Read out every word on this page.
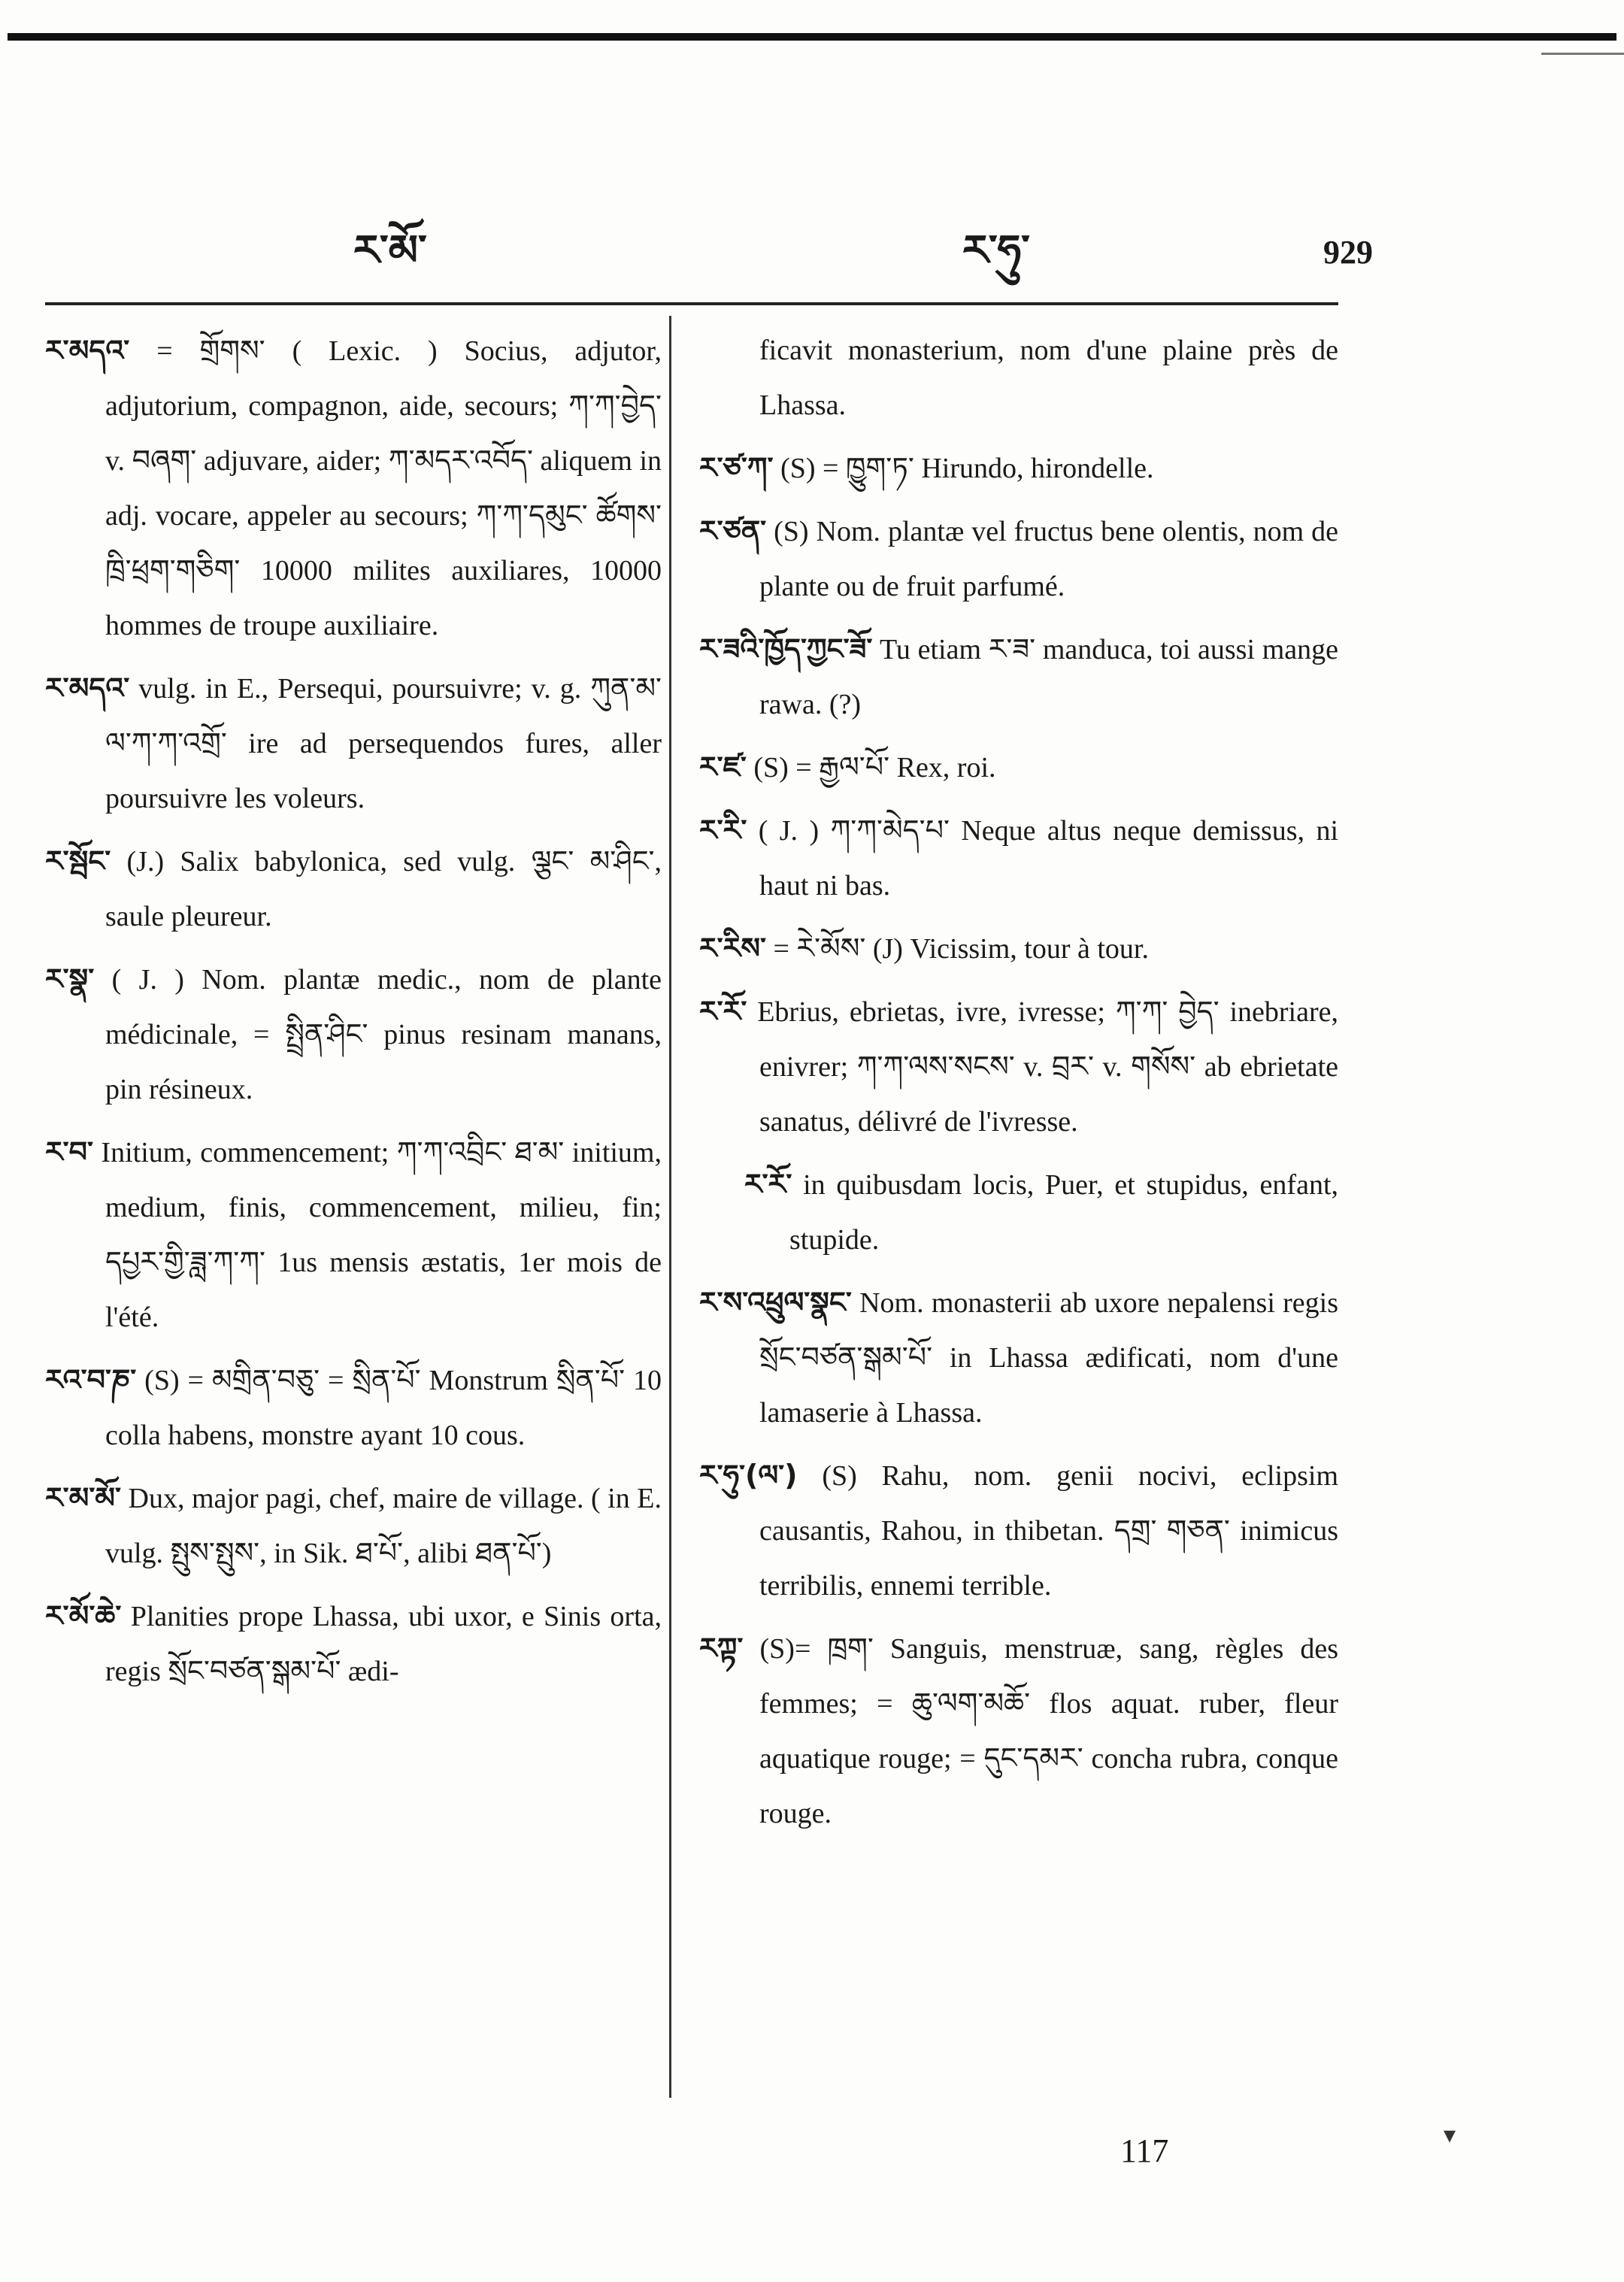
ར་མོ་	ར་ཧུ་	929

ར་མདའ་ = གྲོགས་ ( Lexic. ) Socius, adjutor, adjutorium, compagnon, aide, secours; ཀ་ཀ་བྱེད་ v. བཞག་ adjuvare, aider; ཀ་མདར་འབོད་ aliquem in adj. vocare, appeler au secours; ཀ་ཀ་དམུང་ ཚོགས་ཁྲི་ཕྲག་གཅིག་ 10000 milites auxiliares, 10000 hommes de troupe auxiliaire.

ར་མདའ་ vulg. in E., Persequi, poursuivre; v. g. ཀུན་མ་ལ་ཀ་ཀ་འགྲོ་ ire ad persequendos fures, aller poursuivre les voleurs.

ར་སྦོང་ (J.) Salix babylonica, sed vulg. ལྕང་ མ་ཤིང་, saule pleureur.

ར་སྣ་ ( J. ) Nom. plantæ medic., nom de plante médicinale, = སྤྲིན་ཤིང་ pinus resinam manans, pin résineux.

ར་བ་ Initium, commencement; ཀ་ཀ་འབྲིང་ ཐ་མ་ initium, medium, finis, commencement, milieu, fin; དཔྱར་གྱི་ཟླ་ཀ་ཀ་ 1us mensis æstatis, 1er mois de l'été.

རའ་བ་ཎ་ (S) = མགྲིན་བཅུ་ = སྲིན་པོ་ Monstrum སྲིན་པོ་ 10 colla habens, monstre ayant 10 cous.

ར་མ་མོ་ Dux, major pagi, chef, maire de village. ( in E. vulg. སྤུས་སྤུས་, in Sik. ཐ་པོ་, alibi ཐན་པོ་)

ར་མོ་ཆེ་ Planities prope Lhassa, ubi uxor, e Sinis orta, regis སྲོང་བཙན་སྒམ་པོ་ ædi-

ficavit monasterium, nom d'une plaine près de Lhassa.

ར་ཙ་ཀ་ (S) = ཁྱུག་ཏ་ Hirundo, hirondelle.

ར་ཙན་ (S) Nom. plantæ vel fructus bene olentis, nom de plante ou de fruit parfumé.

ར་ཟའི་ཁྱོད་ཀྱང་ཟོ་ Tu etiam ར་ཟ་ manduca, toi aussi mange rawa. (?)

ར་ཛ་ (S) = རྒྱལ་པོ་ Rex, roi.

ར་རི་ ( J. ) ཀ་ཀ་མེད་པ་ Neque altus neque demissus, ni haut ni bas.

ར་རིས་ = རེ་མོས་ (J) Vicissim, tour à tour.

ར་རོ་ Ebrius, ebrietas, ivre, ivresse; ཀ་ཀ་ བྱེད་ inebriare, enivrer; ཀ་ཀ་ལས་སངས་ v. བྲར་ v. གསོས་ ab ebrietate sanatus, délivré de l'ivresse.

ར་རོ་ in quibusdam locis, Puer, et stupidus, enfant, stupide.

ར་ས་འཕྲུལ་སྣང་ Nom. monasterii ab uxore nepalensi regis སྲོང་བཙན་སྒམ་པོ་ in Lhassa ædificati, nom d'une lamaserie à Lhassa.

ར་ཧུ་(ལ་) (S) Rahu, nom. genii nocivi, eclipsim causantis, Rahou, in thibetan. དགྲ་ གཅན་ inimicus terribilis, ennemi terrible.

རཀྟ་ (S)= ཁྲག་ Sanguis, menstruæ, sang, règles des femmes; = ཆུ་ལག་མཆོ་ flos aquat. ruber, fleur aquatique rouge; = དུང་དམར་ concha rubra, conque rouge.

117	▾
